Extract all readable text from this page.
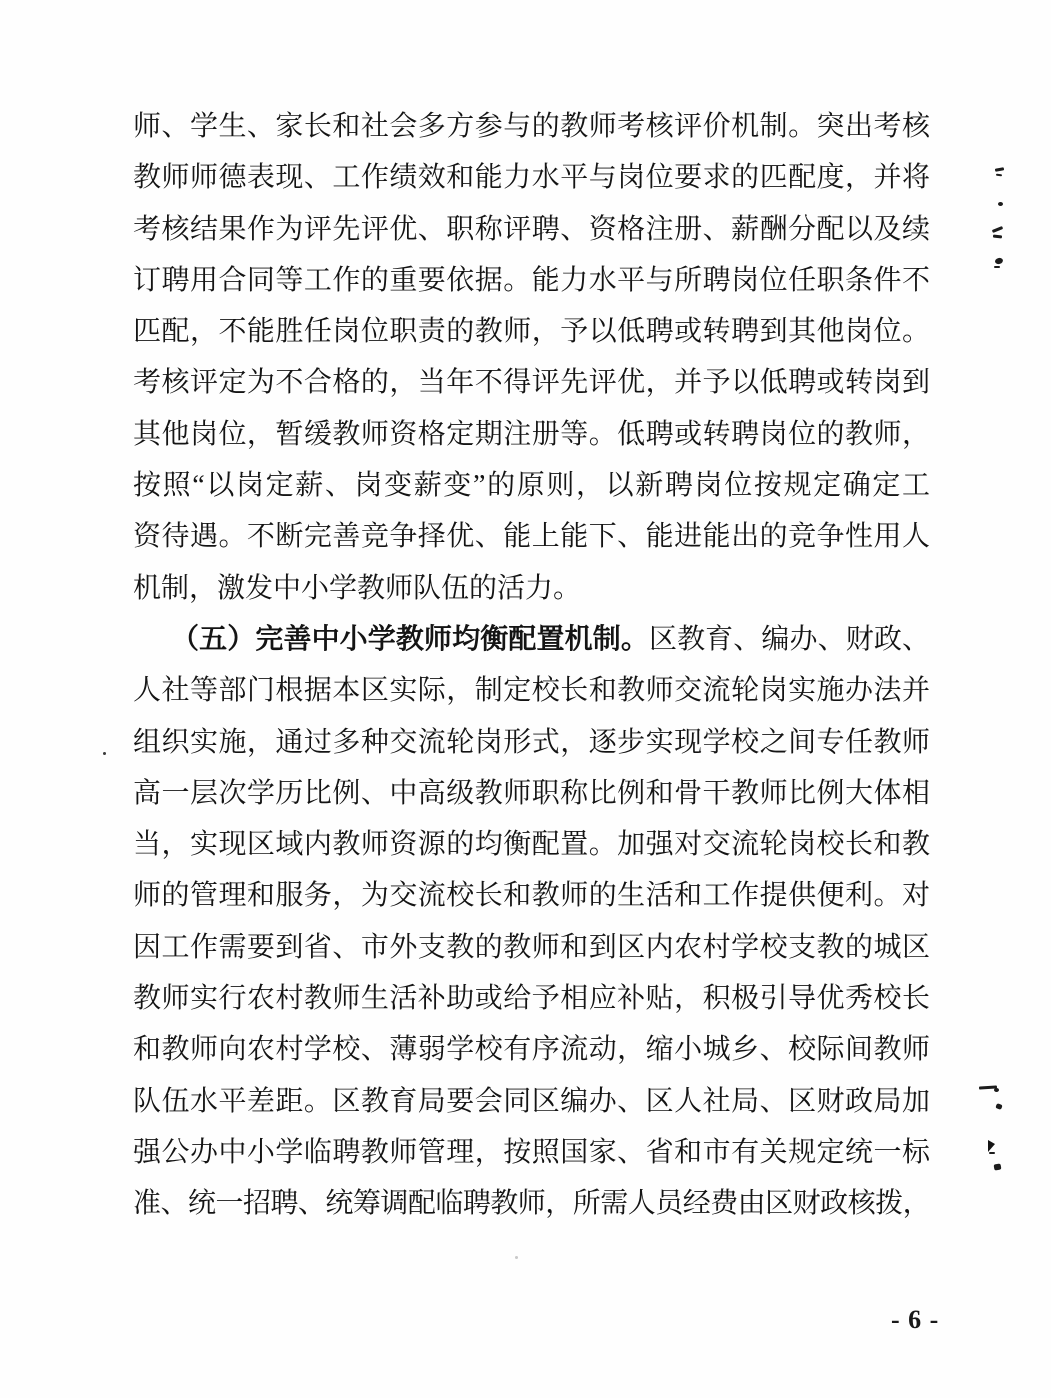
师、学生、家长和社会多方参与的教师考核评价机制。突出考核
教师师德表现、工作绩效和能力水平与岗位要求的匹配度，并将
考核结果作为评先评优、职称评聘、资格注册、薪酬分配以及续
订聘用合同等工作的重要依据。能力水平与所聘岗位任职条件不
匹配，不能胜任岗位职责的教师，予以低聘或转聘到其他岗位。
考核评定为不合格的，当年不得评先评优，并予以低聘或转岗到
其他岗位，暂缓教师资格定期注册等。低聘或转聘岗位的教师，
按照“以岗定薪、岗变薪变”的原则，以新聘岗位按规定确定工
资待遇。不断完善竞争择优、能上能下、能进能出的竞争性用人
机制，激发中小学教师队伍的活力。
（五）完善中小学教师均衡配置机制。区教育、编办、财政、
人社等部门根据本区实际，制定校长和教师交流轮岗实施办法并
组织实施，通过多种交流轮岗形式，逐步实现学校之间专任教师
高一层次学历比例、中高级教师职称比例和骨干教师比例大体相
当，实现区域内教师资源的均衡配置。加强对交流轮岗校长和教
师的管理和服务，为交流校长和教师的生活和工作提供便利。对
因工作需要到省、市外支教的教师和到区内农村学校支教的城区
教师实行农村教师生活补助或给予相应补贴，积极引导优秀校长
和教师向农村学校、薄弱学校有序流动，缩小城乡、校际间教师
队伍水平差距。区教育局要会同区编办、区人社局、区财政局加
强公办中小学临聘教师管理，按照国家、省和市有关规定统一标
准、统一招聘、统筹调配临聘教师，所需人员经费由区财政核拨，
- 6 -
